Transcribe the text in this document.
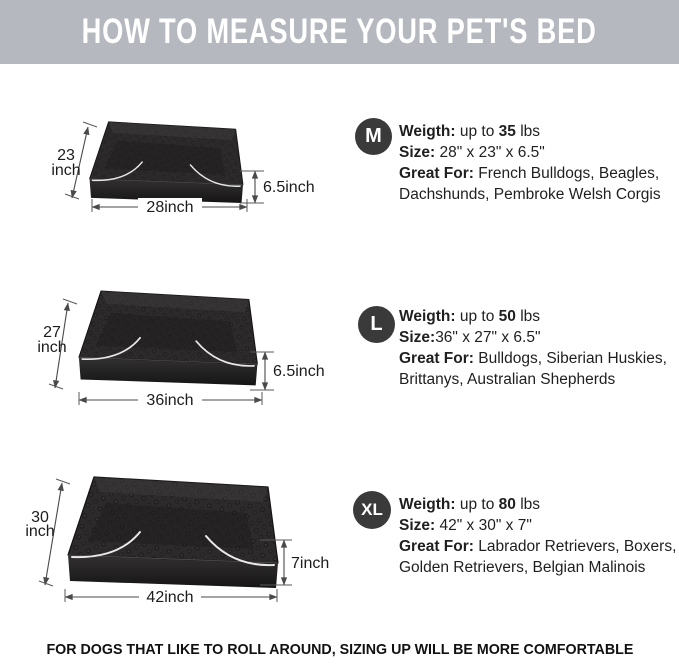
HOW TO MEASURE YOUR PET'S BED
23
inch
28inch
6.5inch
M	Weigth: up to 35 lbs
Size: 28" x 23" x 6.5"
Great For: French Bulldogs, Beagles,
Dachshunds, Pembroke Welsh Corgis
27
inch
36inch
6.5inch
L	Weigth: up to 50 lbs
Size:36" x 27" x 6.5"
Great For: Bulldogs, Siberian Huskies,
Brittanys, Australian Shepherds
30
inch
42inch
7inch
XL	Weigth: up to 80 lbs
Size: 42" x 30" x 7"
Great For: Labrador Retrievers, Boxers,
Golden Retrievers, Belgian Malinois
FOR DOGS THAT LIKE TO ROLL AROUND, SIZING UP WILL BE MORE COMFORTABLE
